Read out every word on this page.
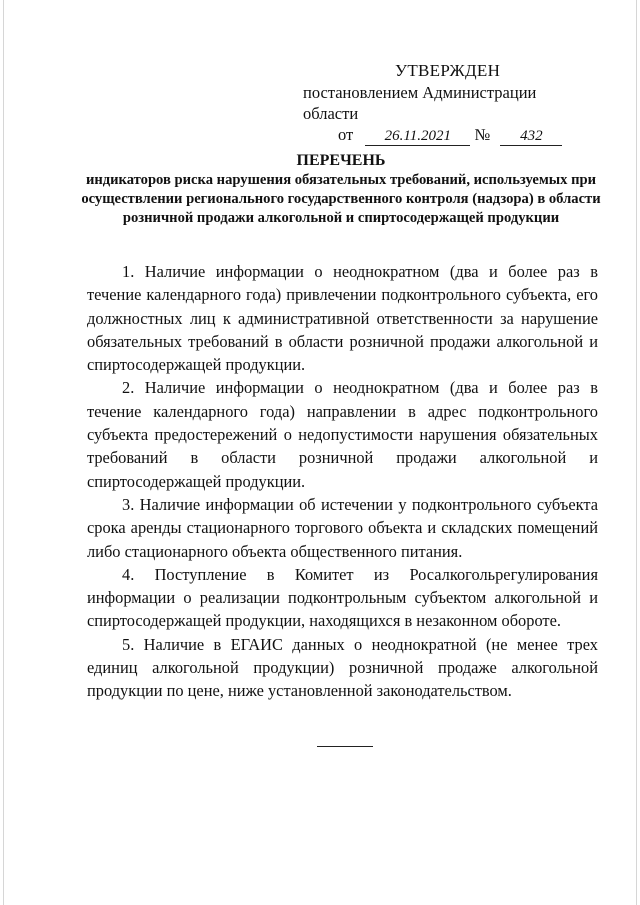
УТВЕРЖДЕН
постановлением Администрации области
от 26.11.2021 № 432
ПЕРЕЧЕНЬ
индикаторов риска нарушения обязательных требований, используемых при осуществлении регионального государственного контроля (надзора) в области розничной продажи алкогольной и спиртосодержащей продукции

1. Наличие информации о неоднократном (два и более раз в течение календарного года) привлечении подконтрольного субъекта, его должностных лиц к административной ответственности за нарушение обязательных требований в области розничной продажи алкогольной и спиртосодержащей продукции.

2. Наличие информации о неоднократном (два и более раз в течение календарного года) направлении в адрес подконтрольного субъекта предостережений о недопустимости нарушения обязательных требований в области розничной продажи алкогольной и спиртосодержащей продукции.

3. Наличие информации об истечении у подконтрольного субъекта срока аренды стационарного торгового объекта и складских помещений либо стационарного объекта общественного питания.

4. Поступление в Комитет из Росалкогольрегулирования информации о реализации подконтрольным субъектом алкогольной и спиртосодержащей продукции, находящихся в незаконном обороте.

5. Наличие в ЕГАИС данных о неоднократной (не менее трех единиц алкогольной продукции) розничной продаже алкогольной продукции по цене, ниже установленной законодательством.
